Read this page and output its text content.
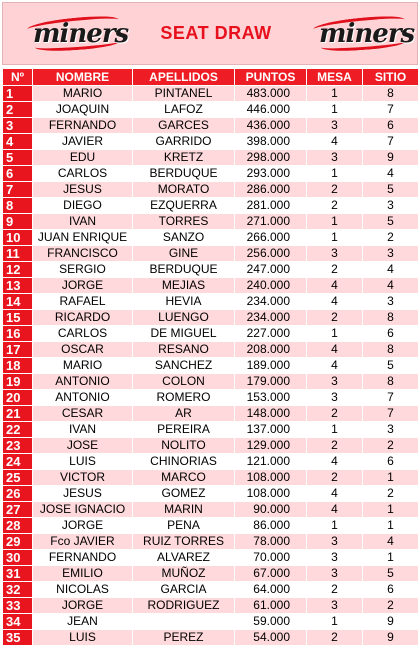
miners SEAT DRAW miners
Nº	NOMBRE	APELLIDOS	PUNTOS	MESA	SITIO
1	MARIO	PINTANEL	483.000	1	8
2	JOAQUIN	LAFOZ	446.000	1	7
3	FERNANDO	GARCES	436.000	3	6
4	JAVIER	GARRIDO	398.000	4	7
5	EDU	KRETZ	298.000	3	9
6	CARLOS	BERDUQUE	293.000	1	4
7	JESUS	MORATO	286.000	2	5
8	DIEGO	EZQUERRA	281.000	2	3
9	IVAN	TORRES	271.000	1	5
10	JUAN ENRIQUE	SANZO	266.000	1	2
11	FRANCISCO	GINE	256.000	3	3
12	SERGIO	BERDUQUE	247.000	2	4
13	JORGE	MEJIAS	240.000	4	4
14	RAFAEL	HEVIA	234.000	4	3
15	RICARDO	LUENGO	234.000	2	8
16	CARLOS	DE MIGUEL	227.000	1	6
17	OSCAR	RESANO	208.000	4	8
18	MARIO	SANCHEZ	189.000	4	5
19	ANTONIO	COLON	179.000	3	8
20	ANTONIO	ROMERO	153.000	3	7
21	CESAR	AR	148.000	2	7
22	IVAN	PEREIRA	137.000	1	3
23	JOSE	NOLITO	129.000	2	2
24	LUIS	CHINORIAS	121.000	4	6
25	VICTOR	MARCO	108.000	2	1
26	JESUS	GOMEZ	108.000	4	2
27	JOSE IGNACIO	MARIN	90.000	4	1
28	JORGE	PENA	86.000	1	1
29	Fco JAVIER	RUIZ TORRES	78.000	3	4
30	FERNANDO	ALVAREZ	70.000	3	1
31	EMILIO	MUÑOZ	67.000	3	5
32	NICOLAS	GARCIA	64.000	2	6
33	JORGE	RODRIGUEZ	61.000	3	2
34	JEAN		59.000	1	9
35	LUIS	PEREZ	54.000	2	9
